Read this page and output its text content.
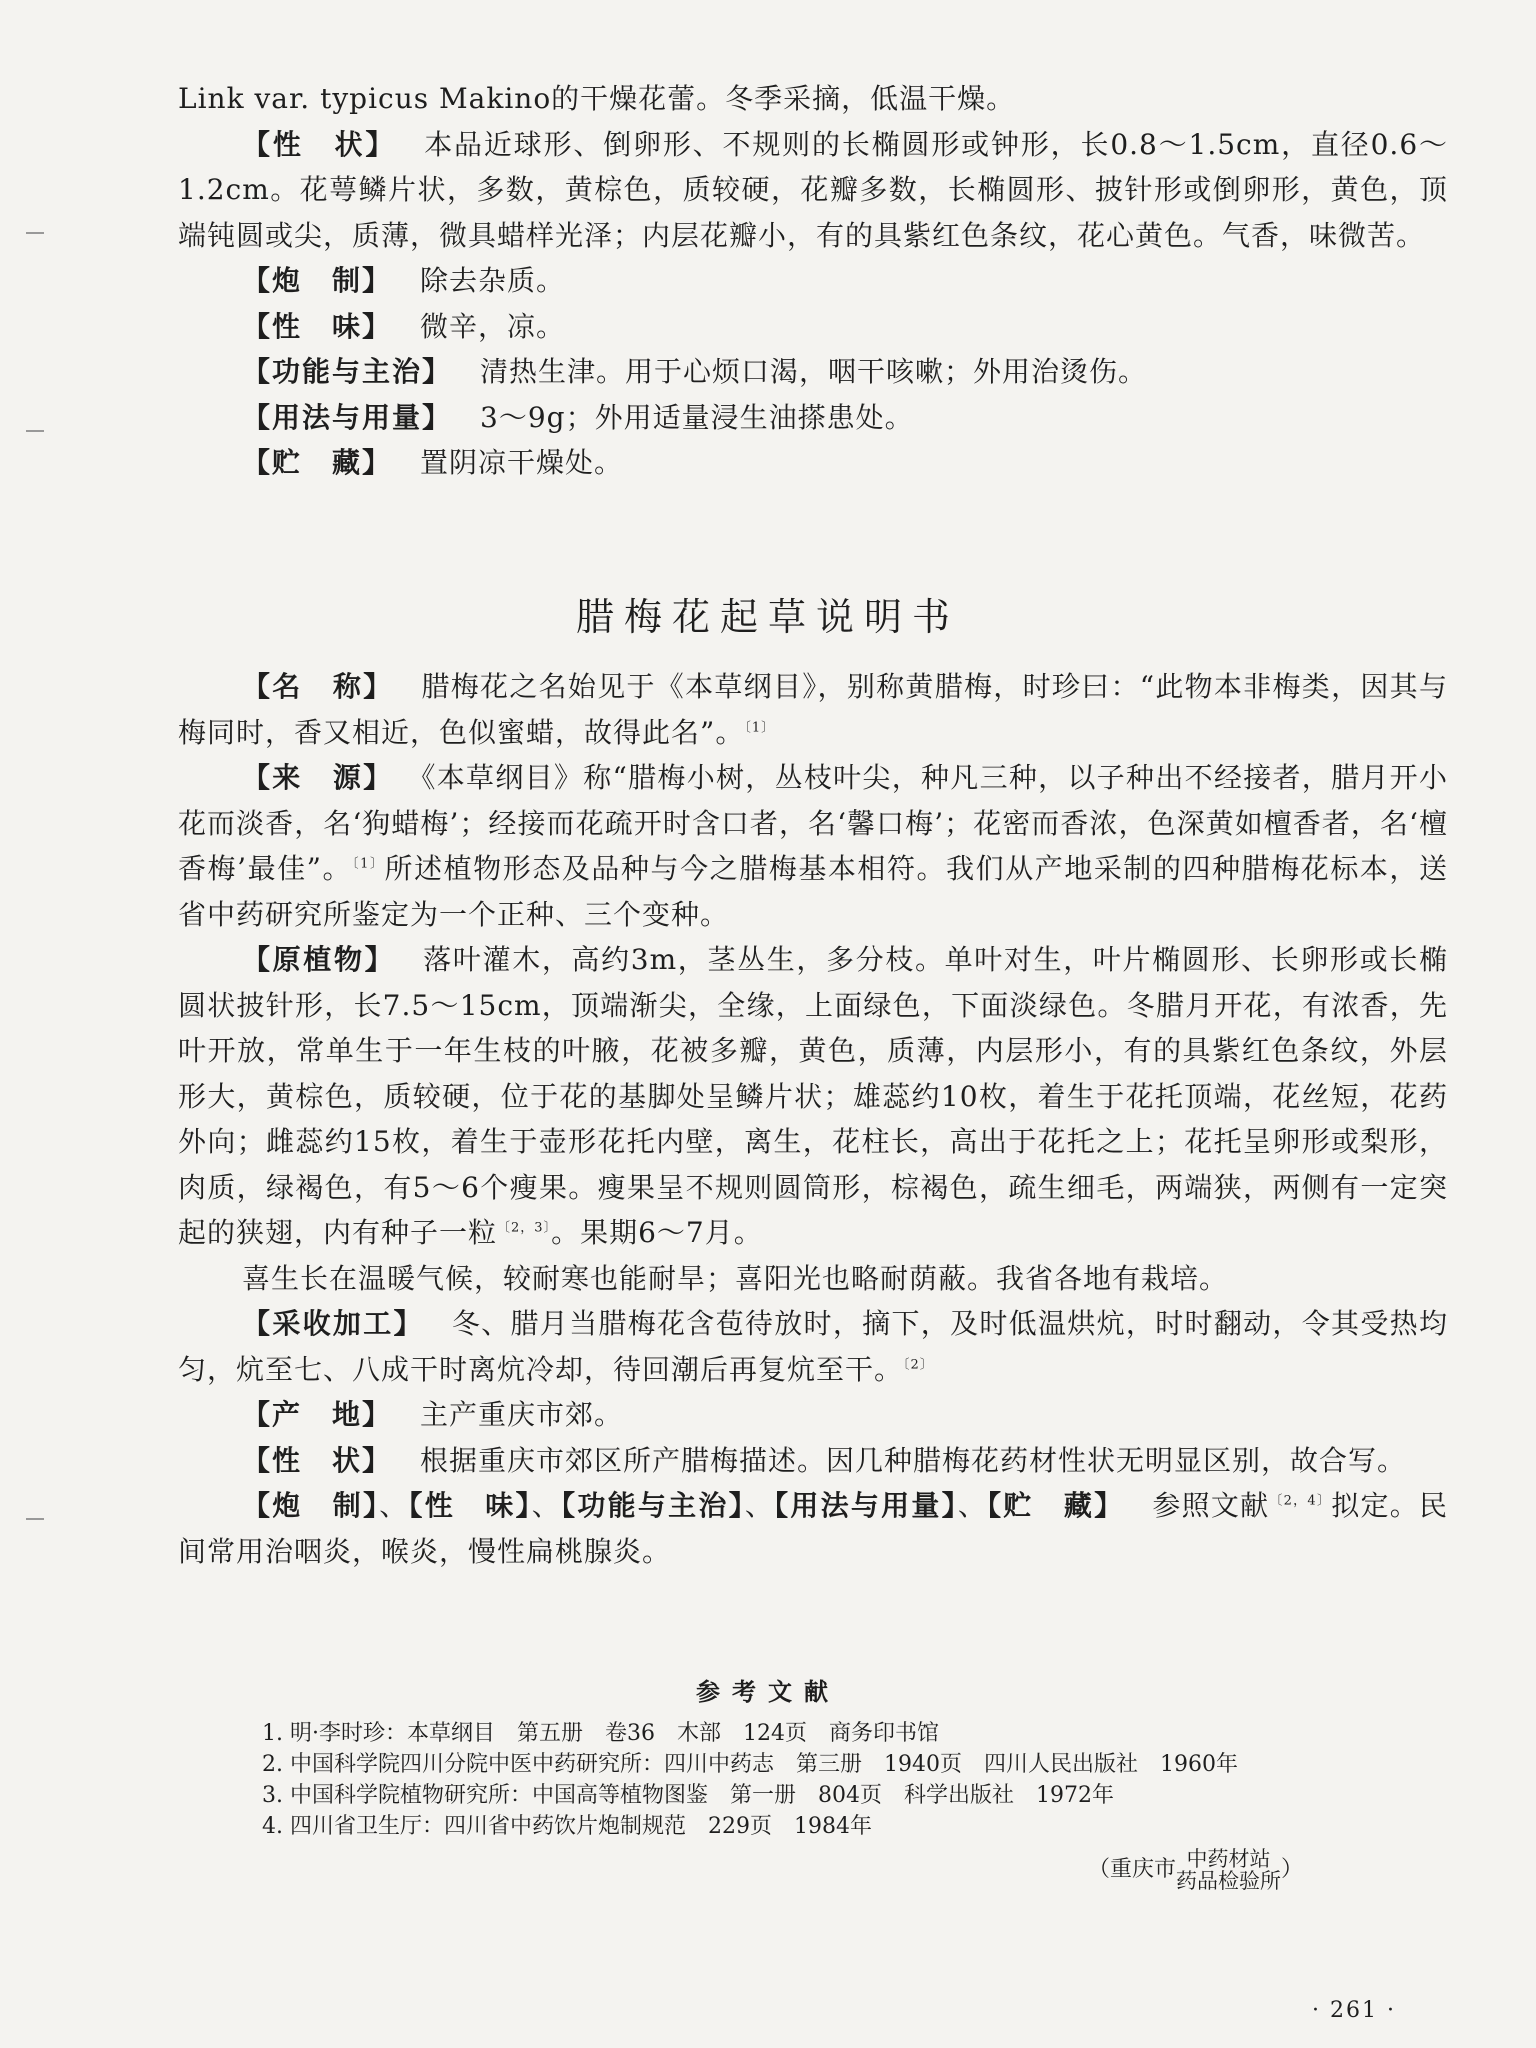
Link var. typicus Makino的干燥花蕾。冬季采摘，低温干燥。

【性　状】 本品近球形、倒卵形、不规则的长椭圆形或钟形，长0.8～1.5cm，直径0.6～1.2cm。花萼鳞片状，多数，黄棕色，质较硬，花瓣多数，长椭圆形、披针形或倒卵形，黄色，顶端钝圆或尖，质薄，微具蜡样光泽；内层花瓣小，有的具紫红色条纹，花心黄色。气香，味微苦。

【炮　制】 除去杂质。

【性　味】 微辛，凉。

【功能与主治】 清热生津。用于心烦口渴，咽干咳嗽；外用治烫伤。

【用法与用量】 3～9g；外用适量浸生油搽患处。

【贮　藏】 置阴凉干燥处。

腊梅花起草说明书

【名　称】 腊梅花之名始见于《本草纲目》，别称黄腊梅，时珍曰：“此物本非梅类，因其与梅同时，香又相近，色似蜜蜡，故得此名”。$^{〔1〕}$

【来　源】 《本草纲目》称“腊梅小树，丛枝叶尖，种凡三种，以子种出不经接者，腊月开小花而淡香，名‘狗蜡梅’；经接而花疏开时含口者，名‘馨口梅’；花密而香浓，色深黄如檀香者，名‘檀香梅’最佳”。$^{〔1〕}$所述植物形态及品种与今之腊梅基本相符。我们从产地采制的四种腊梅花标本，送省中药研究所鉴定为一个正种、三个变种。

【原植物】 落叶灌木，高约3m，茎丛生，多分枝。单叶对生，叶片椭圆形、长卵形或长椭圆状披针形，长7.5～15cm，顶端渐尖，全缘，上面绿色，下面淡绿色。冬腊月开花，有浓香，先叶开放，常单生于一年生枝的叶腋，花被多瓣，黄色，质薄，内层形小，有的具紫红色条纹，外层形大，黄棕色，质较硬，位于花的基脚处呈鳞片状；雄蕊约10枚，着生于花托顶端，花丝短，花药外向；雌蕊约15枚，着生于壶形花托内壁，离生，花柱长，高出于花托之上；花托呈卵形或梨形，肉质，绿褐色，有5～6个瘦果。瘦果呈不规则圆筒形，棕褐色，疏生细毛，两端狭，两侧有一定突起的狭翅，内有种子一粒$^{〔2,3〕}$。果期6～7月。

喜生长在温暖气候，较耐寒也能耐旱；喜阳光也略耐荫蔽。我省各地有栽培。

【采收加工】 冬、腊月当腊梅花含苞待放时，摘下，及时低温烘炕，时时翻动，令其受热均匀，炕至七、八成干时离炕冷却，待回潮后再复炕至干。$^{〔2〕}$

【产　地】 主产重庆市郊。

【性　状】 根据重庆市郊区所产腊梅描述。因几种腊梅花药材性状无明显区别，故合写。

【炮　制】、【性　味】、【功能与主治】、【用法与用量】、【贮　藏】 参照文献$^{〔2,4〕}$拟定。民间常用治咽炎，喉炎，慢性扁桃腺炎。

参考文献
1. 明·李时珍：本草纲目　第五册　卷36　木部　124页　商务印书馆
2. 中国科学院四川分院中医中药研究所：四川中药志　第三册　1940页　四川人民出版社　1960年
3. 中国科学院植物研究所：中国高等植物图鉴　第一册　804页　科学出版社　1972年
4. 四川省卫生厅：四川省中药饮片炮制规范　229页　1984年
（重庆市 中药材站
药品检验所）
· 261 ·
